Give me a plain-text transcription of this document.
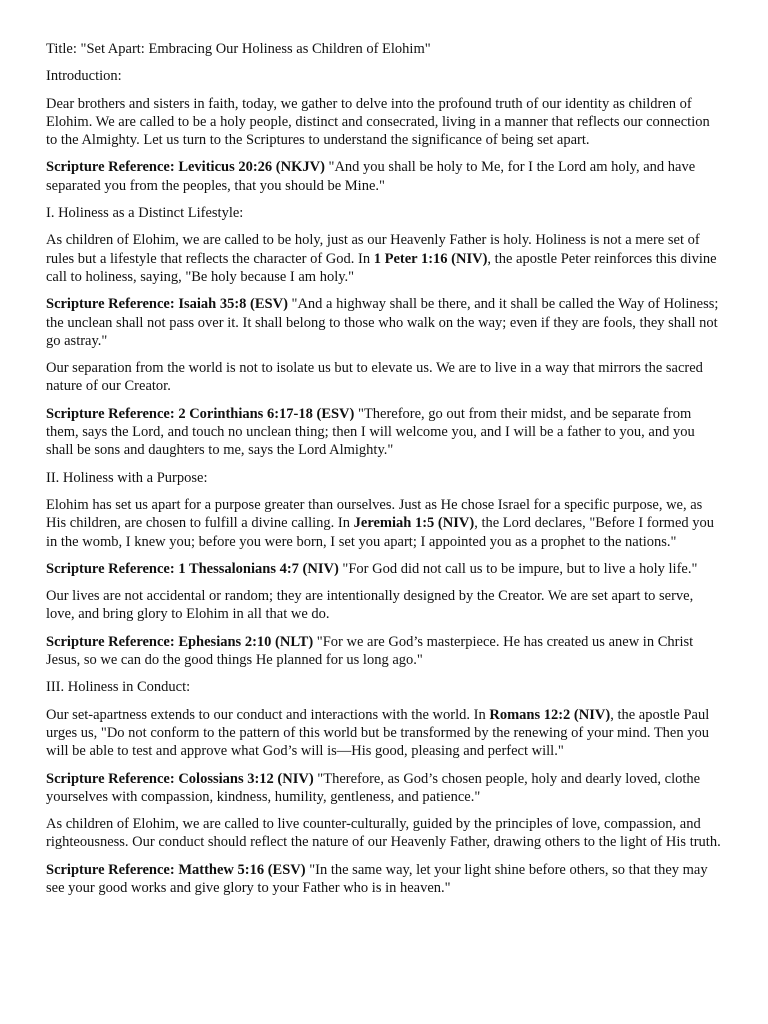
Title: "Set Apart: Embracing Our Holiness as Children of Elohim"

Introduction:

Dear brothers and sisters in faith, today, we gather to delve into the profound truth of our identity as children of Elohim. We are called to be a holy people, distinct and consecrated, living in a manner that reflects our connection to the Almighty. Let us turn to the Scriptures to understand the significance of being set apart.

Scripture Reference: Leviticus 20:26 (NKJV) "And you shall be holy to Me, for I the Lord am holy, and have separated you from the peoples, that you should be Mine."

I. Holiness as a Distinct Lifestyle:

As children of Elohim, we are called to be holy, just as our Heavenly Father is holy. Holiness is not a mere set of rules but a lifestyle that reflects the character of God. In 1 Peter 1:16 (NIV), the apostle Peter reinforces this divine call to holiness, saying, "Be holy because I am holy."

Scripture Reference: Isaiah 35:8 (ESV) "And a highway shall be there, and it shall be called the Way of Holiness; the unclean shall not pass over it. It shall belong to those who walk on the way; even if they are fools, they shall not go astray."

Our separation from the world is not to isolate us but to elevate us. We are to live in a way that mirrors the sacred nature of our Creator.

Scripture Reference: 2 Corinthians 6:17-18 (ESV) "Therefore, go out from their midst, and be separate from them, says the Lord, and touch no unclean thing; then I will welcome you, and I will be a father to you, and you shall be sons and daughters to me, says the Lord Almighty."

II. Holiness with a Purpose:

Elohim has set us apart for a purpose greater than ourselves. Just as He chose Israel for a specific purpose, we, as His children, are chosen to fulfill a divine calling. In Jeremiah 1:5 (NIV), the Lord declares, "Before I formed you in the womb, I knew you; before you were born, I set you apart; I appointed you as a prophet to the nations."

Scripture Reference: 1 Thessalonians 4:7 (NIV) "For God did not call us to be impure, but to live a holy life."

Our lives are not accidental or random; they are intentionally designed by the Creator. We are set apart to serve, love, and bring glory to Elohim in all that we do.

Scripture Reference: Ephesians 2:10 (NLT) "For we are God’s masterpiece. He has created us anew in Christ Jesus, so we can do the good things He planned for us long ago."

III. Holiness in Conduct:

Our set-apartness extends to our conduct and interactions with the world. In Romans 12:2 (NIV), the apostle Paul urges us, "Do not conform to the pattern of this world but be transformed by the renewing of your mind. Then you will be able to test and approve what God’s will is—His good, pleasing and perfect will."

Scripture Reference: Colossians 3:12 (NIV) "Therefore, as God’s chosen people, holy and dearly loved, clothe yourselves with compassion, kindness, humility, gentleness, and patience."

As children of Elohim, we are called to live counter-culturally, guided by the principles of love, compassion, and righteousness. Our conduct should reflect the nature of our Heavenly Father, drawing others to the light of His truth.

Scripture Reference: Matthew 5:16 (ESV) "In the same way, let your light shine before others, so that they may see your good works and give glory to your Father who is in heaven."
